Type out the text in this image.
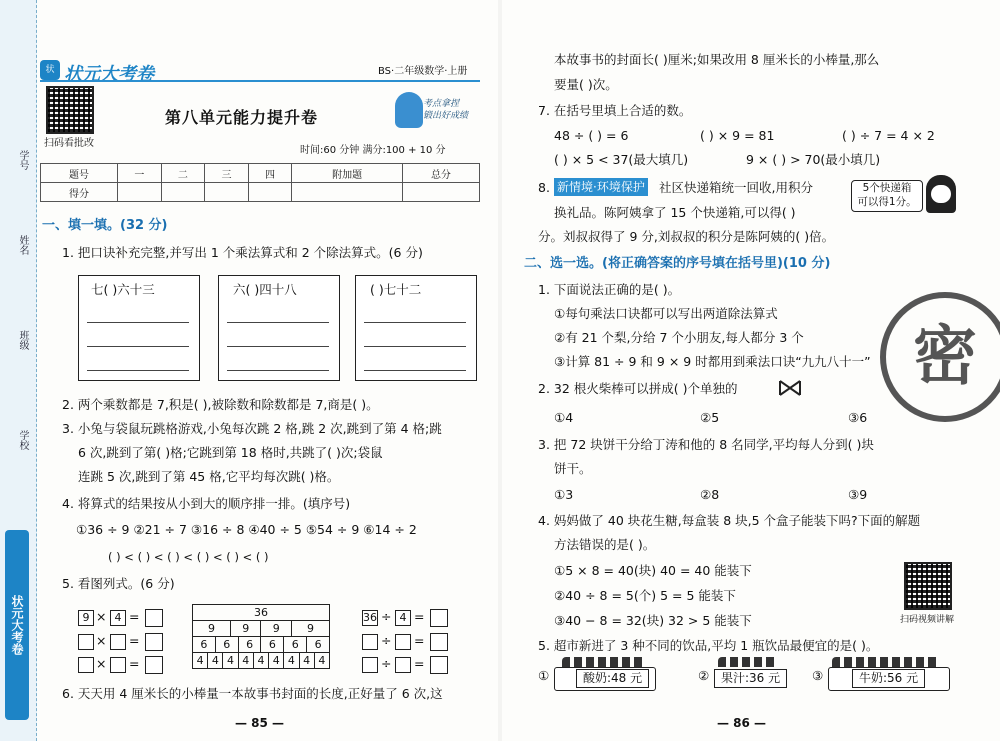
学号
姓名
班级
学校
状元大考卷
状 状元大考卷	BS·二年级数学·上册
扫码看批改
第八单元能力提升卷
考点拿捏
锻出好成绩
时间:60 分钟 满分:100 + 10 分
题号	一	二	三	四	附加题	总分
得分						
一、填一填。(32 分)
1. 把口诀补充完整,并写出 1 个乘法算式和 2 个除法算式。(6 分)
七( )六十三	六( )四十八	( )七十二
2. 两个乘数都是 7,积是( ),被除数和除数都是 7,商是( )。
3. 小兔与袋鼠玩跳格游戏,小兔每次跳 2 格,跳 2 次,跳到了第 4 格;跳
6 次,跳到了第( )格;它跳到第 18 格时,共跳了( )次;袋鼠
连跳 5 次,跳到了第 45 格,它平均每次跳( )格。
4. 将算式的结果按从小到大的顺序排一排。(填序号)
①36 ÷ 9 ②21 ÷ 7 ③16 ÷ 8 ④40 ÷ 5 ⑤54 ÷ 9 ⑥14 ÷ 2
( ) < ( ) < ( ) < ( ) < ( ) < ( )
5. 看图列式。(6 分)
9 × 4 =
× =
× =
36													
9				9			9			9			
6		6			6		6		6			6	
4	4		4		4	4		4	4		4		4
36 ÷ 4 =
÷ =
÷ =
6. 天天用 4 厘米长的小棒量一本故事书封面的长度,正好量了 6 次,这
— 85 —
本故事书的封面长( )厘米;如果改用 8 厘米长的小棒量,那么
要量( )次。
7. 在括号里填上合适的数。
48 ÷ ( ) = 6	( ) × 9 = 81	( ) ÷ 7 = 4 × 2
( ) × 5 < 37(最大填几)	9 × ( ) > 70(最小填几)
8. 新情境·环境保护 社区快递箱统一回收,用积分
换礼品。陈阿姨拿了 15 个快递箱,可以得( )
分。刘叔叔得了 9 分,刘叔叔的积分是陈阿姨的( )倍。
二、选一选。(将正确答案的序号填在括号里)(10 分)
1. 下面说法正确的是( )。
①每句乘法口诀都可以写出两道除法算式
②有 21 个梨,分给 7 个小朋友,每人都分 3 个
③计算 81 ÷ 9 和 9 × 9 时都用到乘法口诀“九九八十一”
2. 32 根火柴棒可以拼成( )个单独的
①4	②5	③6
3. 把 72 块饼干分给丁涛和他的 8 名同学,平均每人分到( )块
饼干。
①3	②8	③9
4. 妈妈做了 40 块花生糖,每盒装 8 块,5 个盒子能装下吗?下面的解题
方法错误的是( )。
①5 × 8 = 40(块) 40 = 40 能装下
②40 ÷ 8 = 5(个) 5 = 5 能装下
③40 − 8 = 32(块) 32 > 5 能装下	扫码视频讲解
5. 超市新进了 3 种不同的饮品,平均 1 瓶饮品最便宜的是( )。
①	酸奶:48 元	② 果汁:36 元	③	牛奶:56 元
— 86 —
5个快递箱
可以得1分。
密
